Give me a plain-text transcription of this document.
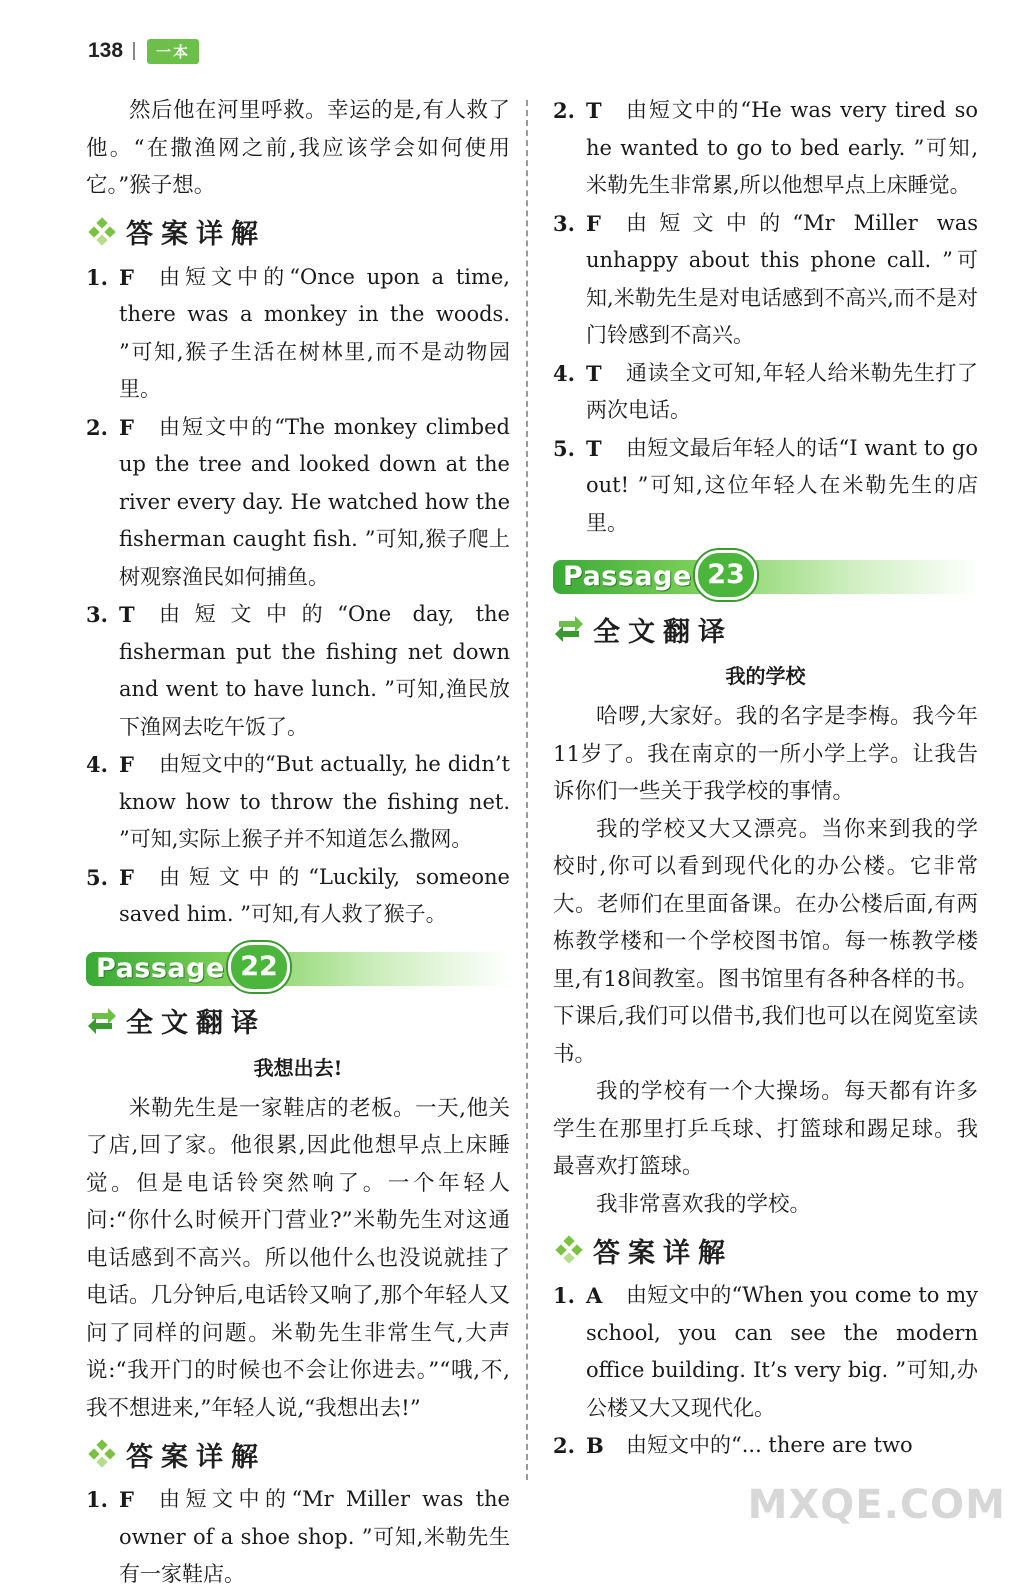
138	一本

然后他在河里呼救。幸运的是,有人救了他。“在撒渔网之前,我应该学会如何使用它。”猴子想。

答案详解
1. F	由短文中的“Once upon a time, there was a monkey in the woods. ”可知,猴子生活在树林里,而不是动物园里。
2. F	由短文中的“The monkey climbed up the tree and looked down at the river every day. He watched how the fisherman caught fish. ”可知,猴子爬上树观察渔民如何捕鱼。
3. T	由短文中的“One day, the fisherman put the fishing net down and went to have lunch. ”可知,渔民放下渔网去吃午饭了。
4. F	由短文中的“But actually, he didn’t know how to throw the fishing net. ”可知,实际上猴子并不知道怎么撒网。
5. F	由短文中的“Luckily, someone saved him. ”可知,有人救了猴子。
Passage 22
全文翻译
我想出去!

米勒先生是一家鞋店的老板。一天,他关了店,回了家。他很累,因此他想早点上床睡觉。但是电话铃突然响了。一个年轻人问:“你什么时候开门营业?”米勒先生对这通电话感到不高兴。所以他什么也没说就挂了电话。几分钟后,电话铃又响了,那个年轻人又问了同样的问题。米勒先生非常生气,大声说:“我开门的时候也不会让你进去。”“哦,不,我不想进来,”年轻人说,“我想出去!”

答案详解
1. F	由短文中的“Mr Miller was the owner of a shoe shop. ”可知,米勒先生有一家鞋店。
2. T	由短文中的“He was very tired so he wanted to go to bed early. ”可知,米勒先生非常累,所以他想早点上床睡觉。
3. F	由短文中的“Mr Miller was unhappy about this phone call. ”可知,米勒先生是对电话感到不高兴,而不是对门铃感到不高兴。
4. T	通读全文可知,年轻人给米勒先生打了两次电话。
5. T	由短文最后年轻人的话“I want to go out! ”可知,这位年轻人在米勒先生的店里。
Passage 23
全文翻译
我的学校

哈啰,大家好。我的名字是李梅。我今年11岁了。我在南京的一所小学上学。让我告诉你们一些关于我学校的事情。

我的学校又大又漂亮。当你来到我的学校时,你可以看到现代化的办公楼。它非常大。老师们在里面备课。在办公楼后面,有两栋教学楼和一个学校图书馆。每一栋教学楼里,有18间教室。图书馆里有各种各样的书。下课后,我们可以借书,我们也可以在阅览室读书。

我的学校有一个大操场。每天都有许多学生在那里打乒乓球、打篮球和踢足球。我最喜欢打篮球。

我非常喜欢我的学校。

答案详解
1. A	由短文中的“When you come to my school, you can see the modern office building. It’s very big. ”可知,办公楼又大又现代化。
2. B	由短文中的“... there are two
MXQE.COM
